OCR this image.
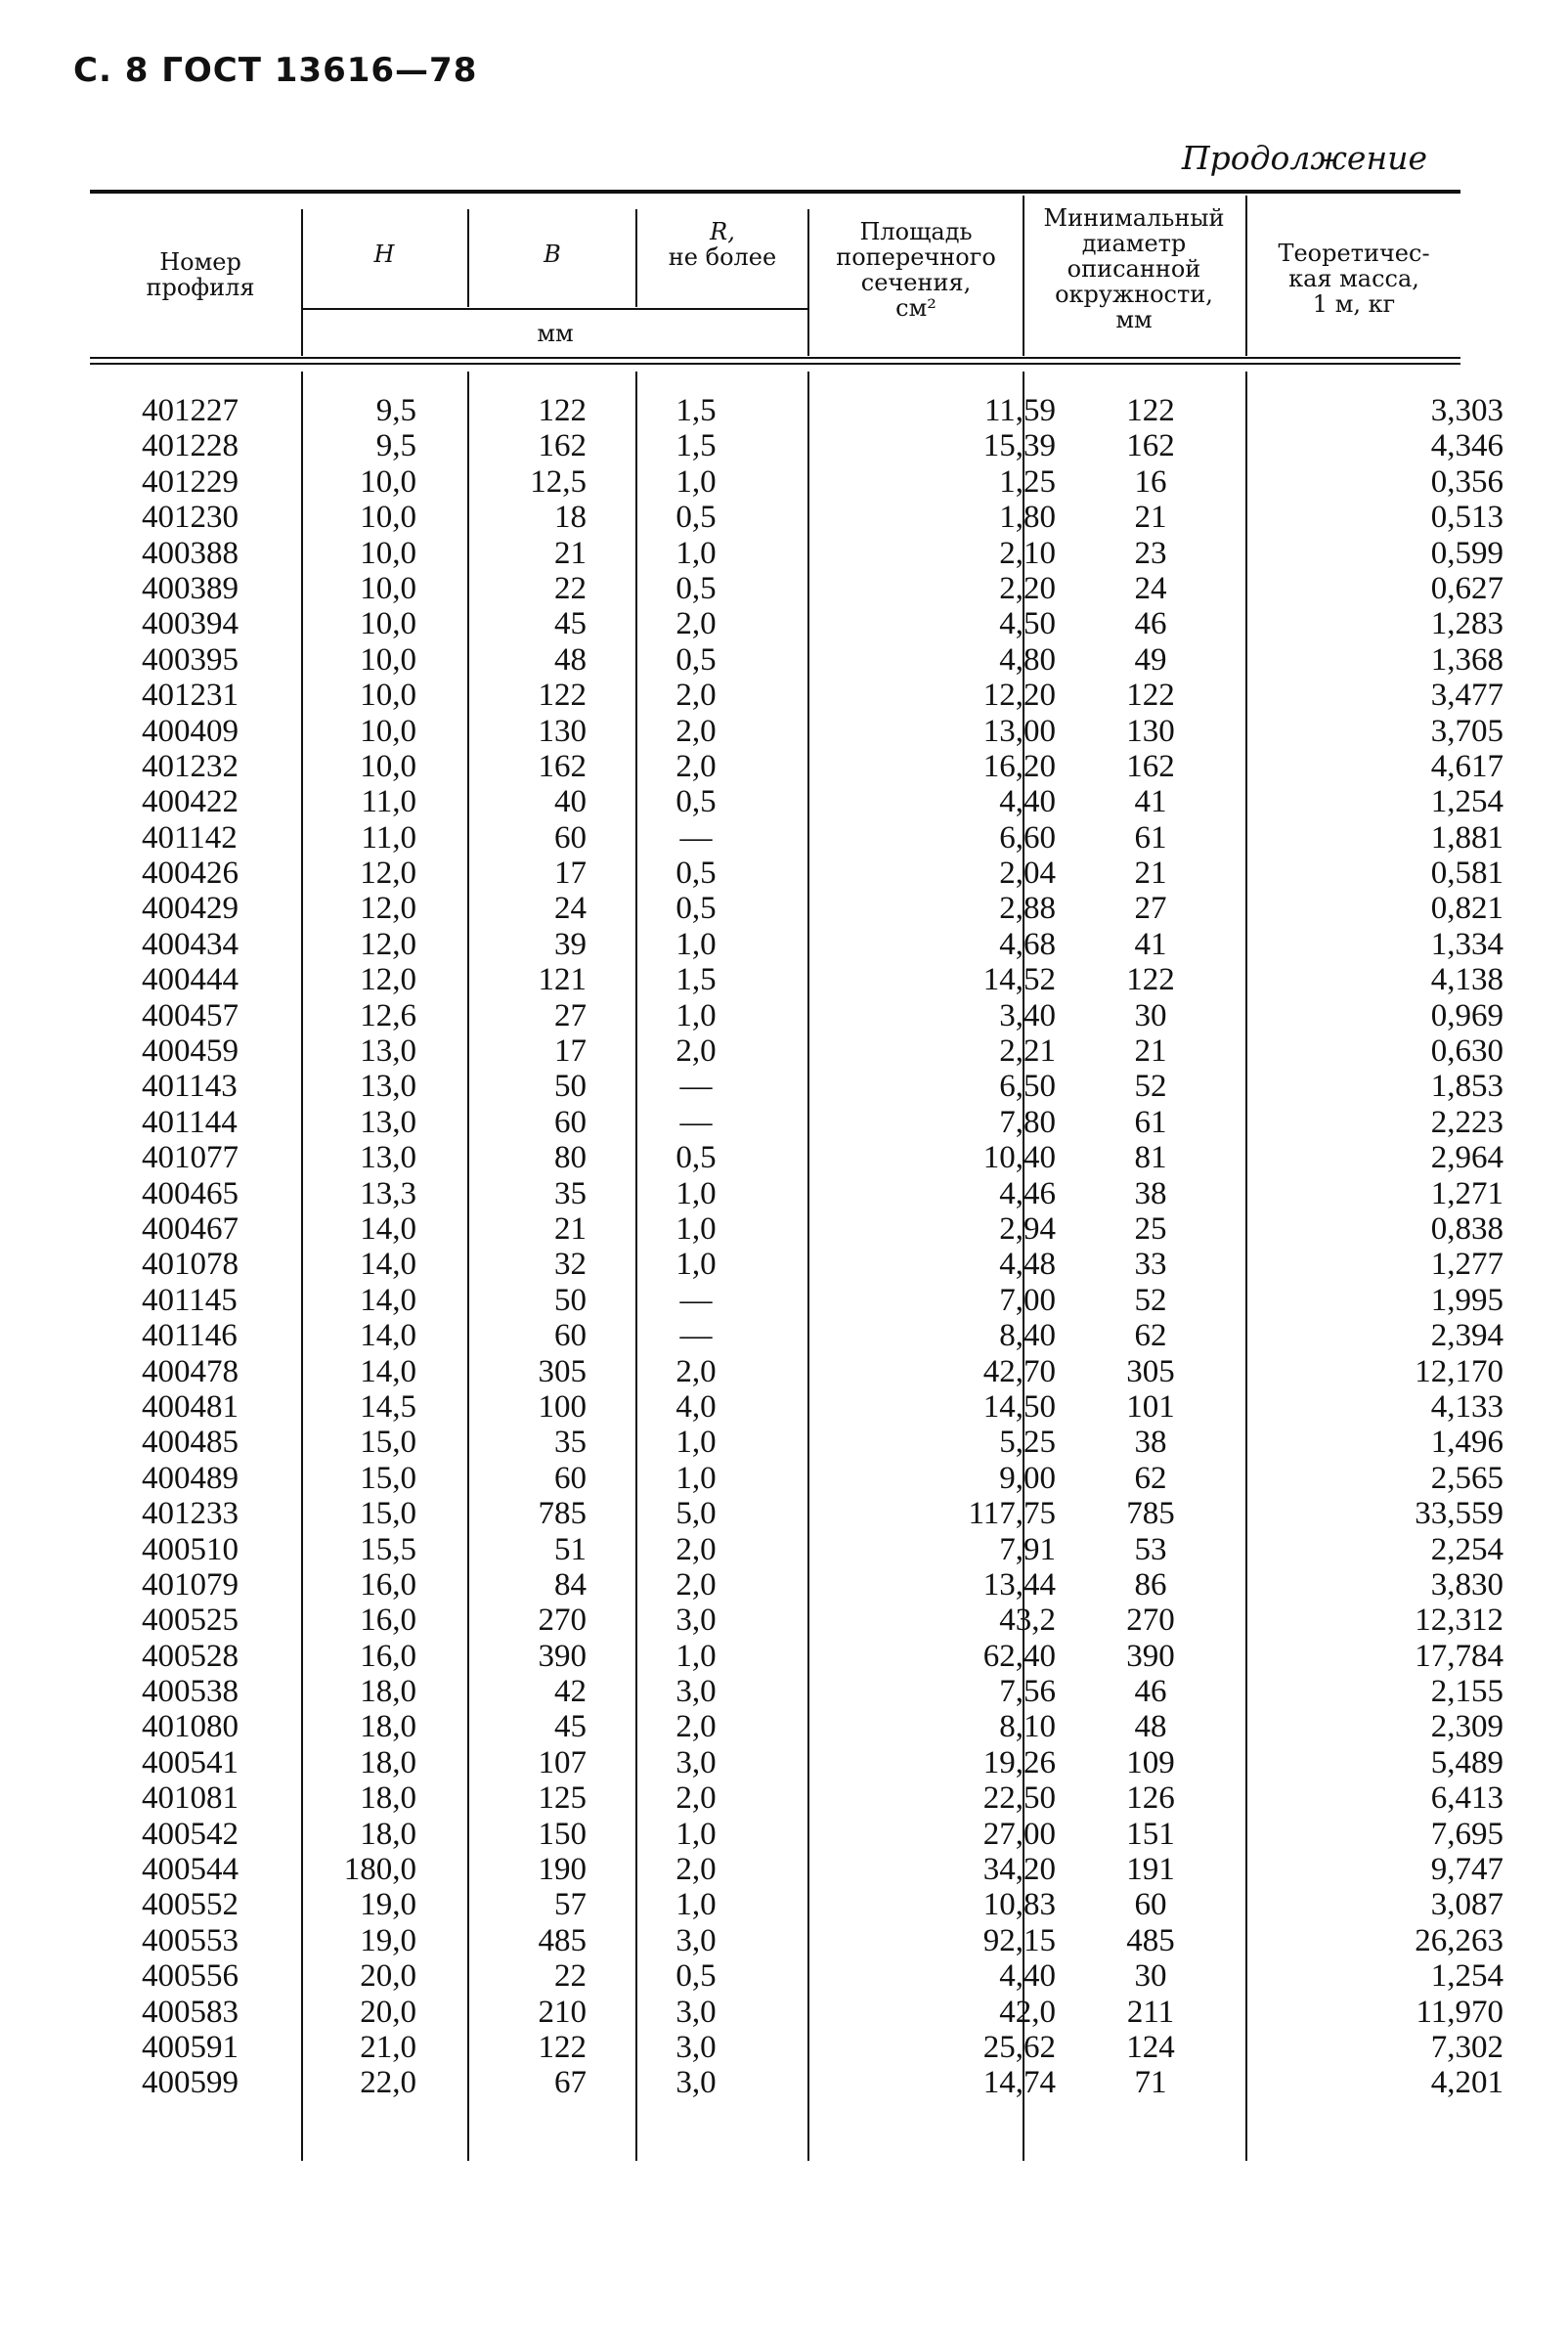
С. 8 ГОСТ 13616—78
Продолжение
Номер
профиля
H	B
R,
не более
мм
Площадь
поперечного
сечения,
см²
Минимальный
диаметр
описанной
окружности,
мм
Теоретичес-
кая масса,
1 м, кг
401227	9,5	122	1,5	11,59	122	3,303
401228	9,5	162	1,5	15,39	162	4,346
401229	10,0	12,5	1,0	1,25	16	0,356
401230	10,0	18	0,5	1,80	21	0,513
400388	10,0	21	1,0	2,10	23	0,599
400389	10,0	22	0,5	2,20	24	0,627
400394	10,0	45	2,0	4,50	46	1,283
400395	10,0	48	0,5	4,80	49	1,368
401231	10,0	122	2,0	12,20	122	3,477
400409	10,0	130	2,0	13,00	130	3,705
401232	10,0	162	2,0	16,20	162	4,617
400422	11,0	40	0,5	4,40	41	1,254
401142	11,0	60	—	6,60	61	1,881
400426	12,0	17	0,5	2,04	21	0,581
400429	12,0	24	0,5	2,88	27	0,821
400434	12,0	39	1,0	4,68	41	1,334
400444	12,0	121	1,5	14,52	122	4,138
400457	12,6	27	1,0	3,40	30	0,969
400459	13,0	17	2,0	2,21	21	0,630
401143	13,0	50	—	6,50	52	1,853
401144	13,0	60	—	7,80	61	2,223
401077	13,0	80	0,5	10,40	81	2,964
400465	13,3	35	1,0	4,46	38	1,271
400467	14,0	21	1,0	2,94	25	0,838
401078	14,0	32	1,0	4,48	33	1,277
401145	14,0	50	—	7,00	52	1,995
401146	14,0	60	—	8,40	62	2,394
400478	14,0	305	2,0	42,70	305	12,170
400481	14,5	100	4,0	14,50	101	4,133
400485	15,0	35	1,0	5,25	38	1,496
400489	15,0	60	1,0	9,00	62	2,565
401233	15,0	785	5,0	117,75	785	33,559
400510	15,5	51	2,0	7,91	53	2,254
401079	16,0	84	2,0	13,44	86	3,830
400525	16,0	270	3,0	43,2	270	12,312
400528	16,0	390	1,0	62,40	390	17,784
400538	18,0	42	3,0	7,56	46	2,155
401080	18,0	45	2,0	8,10	48	2,309
400541	18,0	107	3,0	19,26	109	5,489
401081	18,0	125	2,0	22,50	126	6,413
400542	18,0	150	1,0	27,00	151	7,695
400544	180,0	190	2,0	34,20	191	9,747
400552	19,0	57	1,0	10,83	60	3,087
400553	19,0	485	3,0	92,15	485	26,263
400556	20,0	22	0,5	4,40	30	1,254
400583	20,0	210	3,0	42,0	211	11,970
400591	21,0	122	3,0	25,62	124	7,302
400599	22,0	67	3,0	14,74	71	4,201
